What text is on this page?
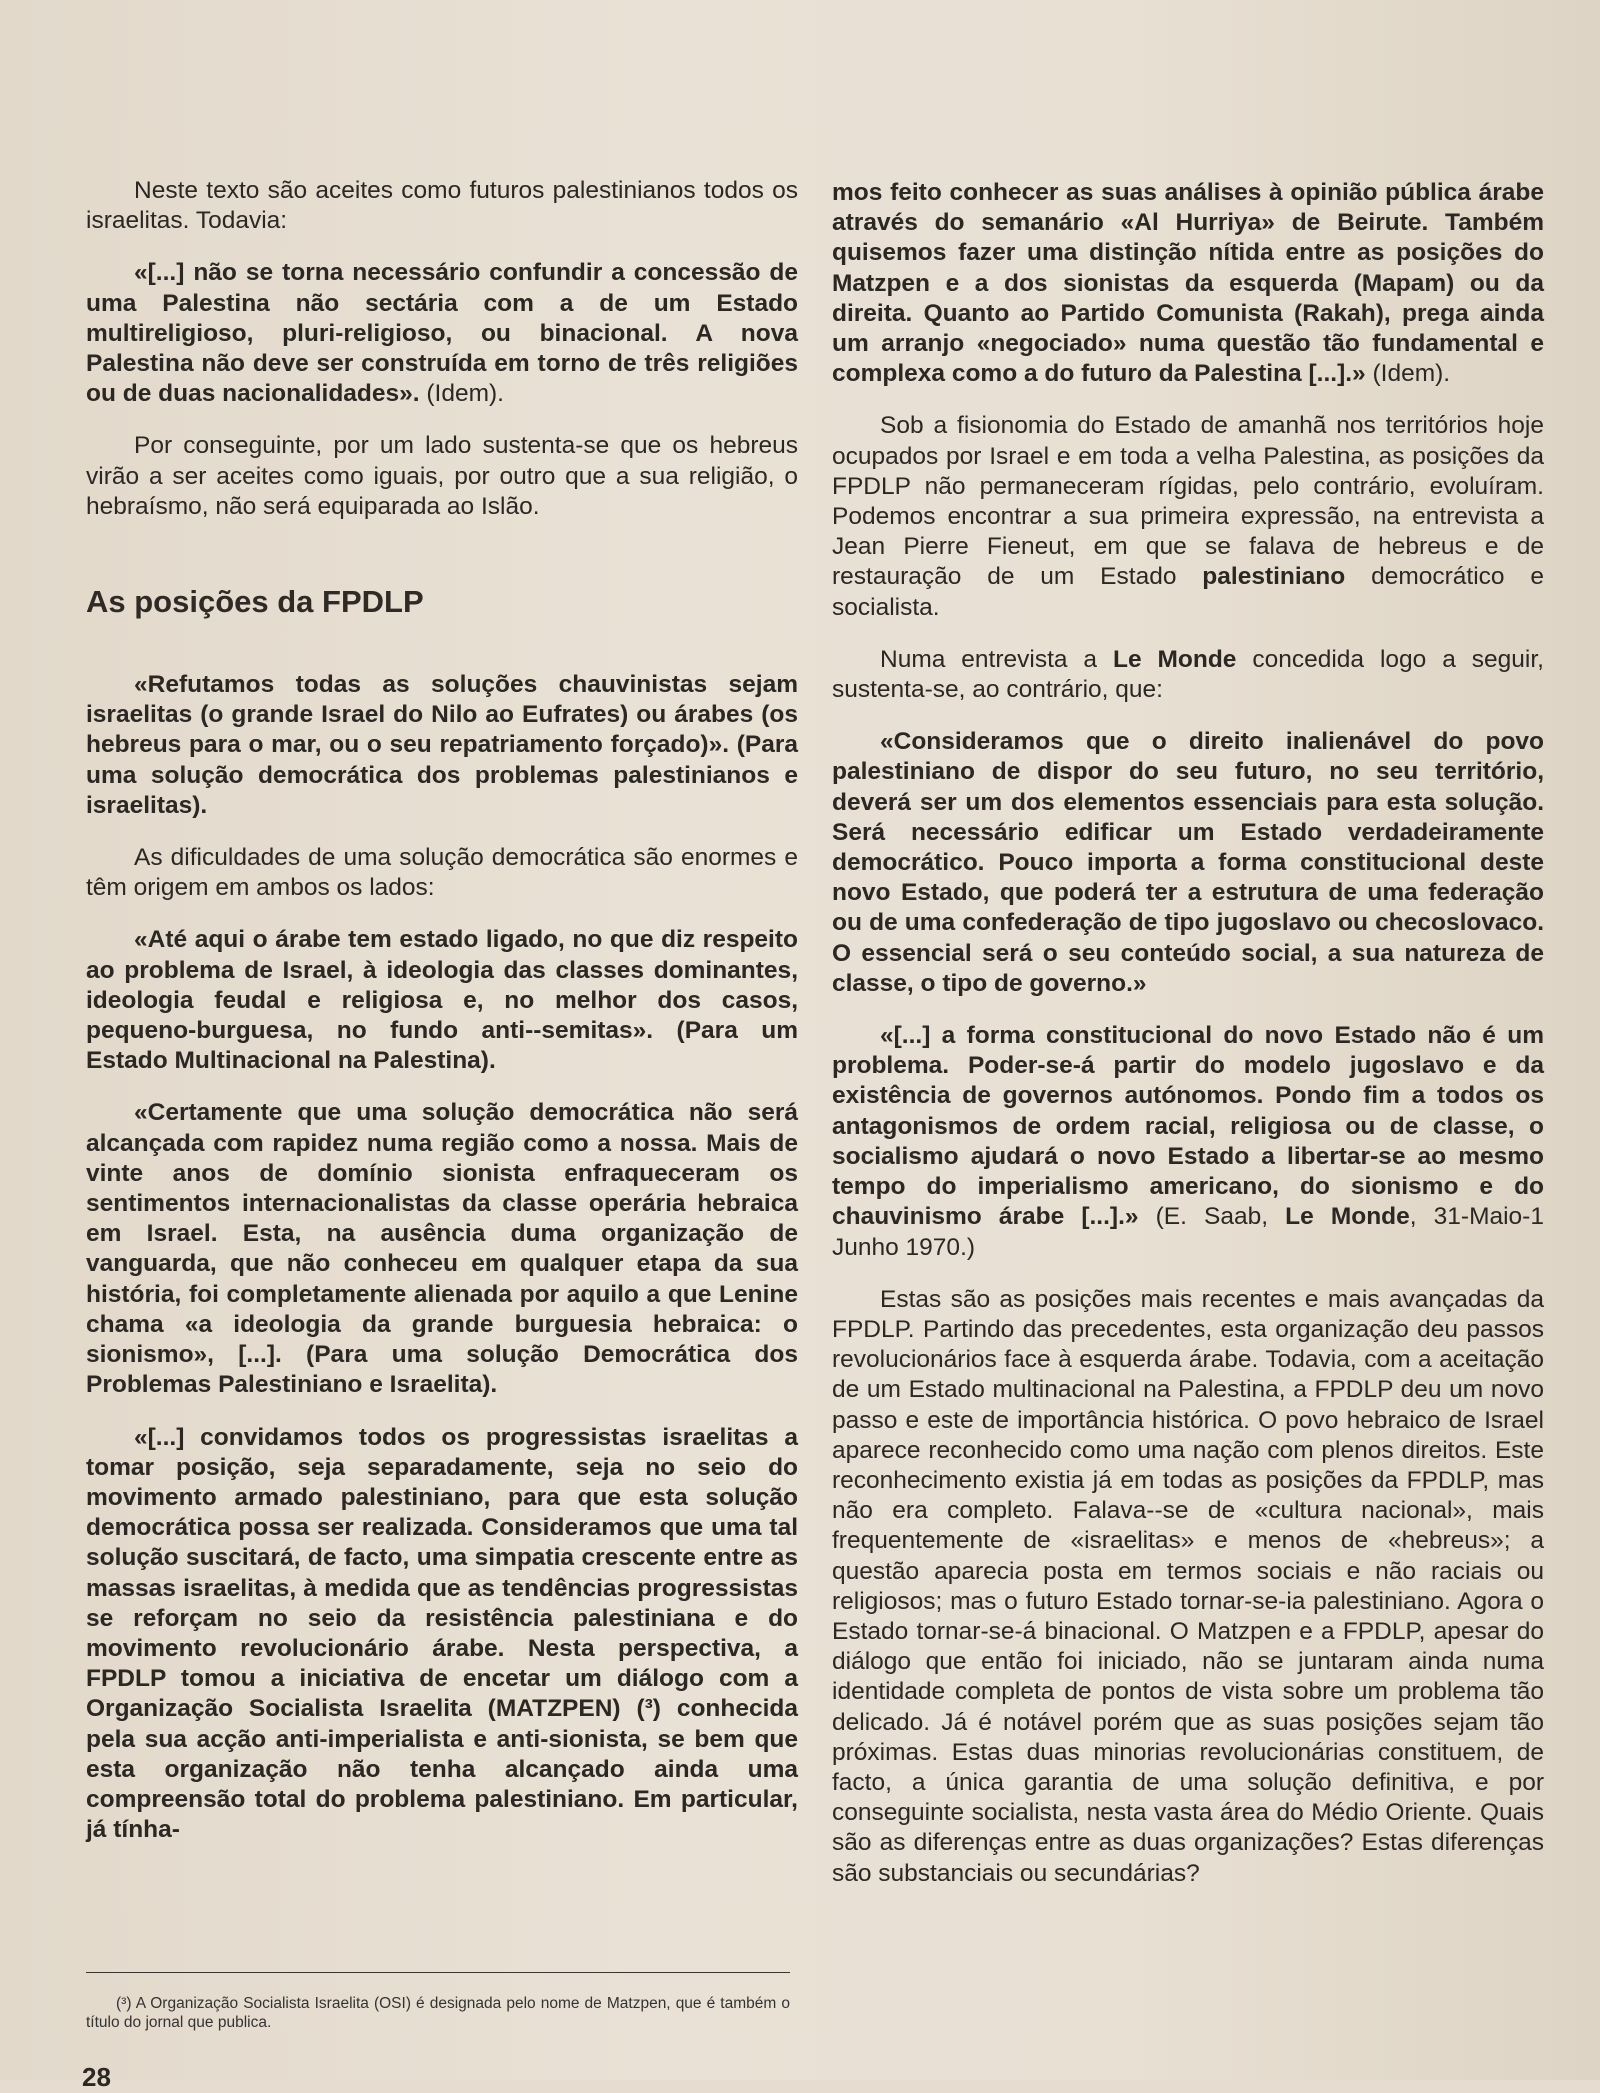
Neste texto são aceites como futuros palestinianos todos os israelitas. Todavia:

«[...] não se torna necessário confundir a concessão de uma Palestina não sectária com a de um Estado multireligioso, pluri-religioso, ou binacional. A nova Palestina não deve ser construída em torno de três religiões ou de duas nacionalidades». (Idem).

Por conseguinte, por um lado sustenta-se que os hebreus virão a ser aceites como iguais, por outro que a sua religião, o hebraísmo, não será equiparada ao Islão.

As posições da FPDLP

«Refutamos todas as soluções chauvinistas sejam israelitas (o grande Israel do Nilo ao Eufrates) ou árabes (os hebreus para o mar, ou o seu repatriamento forçado)». (Para uma solução democrática dos problemas palestinianos e israelitas).

As dificuldades de uma solução democrática são enormes e têm origem em ambos os lados:

«Até aqui o árabe tem estado ligado, no que diz respeito ao problema de Israel, à ideologia das classes dominantes, ideologia feudal e religiosa e, no melhor dos casos, pequeno-burguesa, no fundo anti--semitas». (Para um Estado Multinacional na Palestina).

«Certamente que uma solução democrática não será alcançada com rapidez numa região como a nossa. Mais de vinte anos de domínio sionista enfraqueceram os sentimentos internacionalistas da classe operária hebraica em Israel. Esta, na ausência duma organização de vanguarda, que não conheceu em qualquer etapa da sua história, foi completamente alienada por aquilo a que Lenine chama «a ideologia da grande burguesia hebraica: o sionismo», [...]. (Para uma solução Democrática dos Problemas Palestiniano e Israelita).

«[...] convidamos todos os progressistas israelitas a tomar posição, seja separadamente, seja no seio do movimento armado palestiniano, para que esta solução democrática possa ser realizada. Consideramos que uma tal solução suscitará, de facto, uma simpatia crescente entre as massas israelitas, à medida que as tendências progressistas se reforçam no seio da resistência palestiniana e do movimento revolucionário árabe. Nesta perspectiva, a FPDLP tomou a iniciativa de encetar um diálogo com a Organização Socialista Israelita (MATZPEN) (³) conhecida pela sua acção anti-imperialista e anti-sionista, se bem que esta organização não tenha alcançado ainda uma compreensão total do problema palestiniano. Em particular, já tínha-

mos feito conhecer as suas análises à opinião pública árabe através do semanário «Al Hurriya» de Beirute. Também quisemos fazer uma distinção nítida entre as posições do Matzpen e a dos sionistas da esquerda (Mapam) ou da direita. Quanto ao Partido Comunista (Rakah), prega ainda um arranjo «negociado» numa questão tão fundamental e complexa como a do futuro da Palestina [...].» (Idem).

Sob a fisionomia do Estado de amanhã nos territórios hoje ocupados por Israel e em toda a velha Palestina, as posições da FPDLP não permaneceram rígidas, pelo contrário, evoluíram. Podemos encontrar a sua primeira expressão, na entrevista a Jean Pierre Fieneut, em que se falava de hebreus e de restauração de um Estado palestiniano democrático e socialista.

Numa entrevista a Le Monde concedida logo a seguir, sustenta-se, ao contrário, que:

«Consideramos que o direito inalienável do povo palestiniano de dispor do seu futuro, no seu território, deverá ser um dos elementos essenciais para esta solução. Será necessário edificar um Estado verdadeiramente democrático. Pouco importa a forma constitucional deste novo Estado, que poderá ter a estrutura de uma federação ou de uma confederação de tipo jugoslavo ou checoslovaco. O essencial será o seu conteúdo social, a sua natureza de classe, o tipo de governo.»

«[...] a forma constitucional do novo Estado não é um problema. Poder-se-á partir do modelo jugoslavo e da existência de governos autónomos. Pondo fim a todos os antagonismos de ordem racial, religiosa ou de classe, o socialismo ajudará o novo Estado a libertar-se ao mesmo tempo do imperialismo americano, do sionismo e do chauvinismo árabe [...].» (E. Saab, Le Monde, 31-Maio-1 Junho 1970.)

Estas são as posições mais recentes e mais avançadas da FPDLP. Partindo das precedentes, esta organização deu passos revolucionários face à esquerda árabe. Todavia, com a aceitação de um Estado multinacional na Palestina, a FPDLP deu um novo passo e este de importância histórica. O povo hebraico de Israel aparece reconhecido como uma nação com plenos direitos. Este reconhecimento existia já em todas as posições da FPDLP, mas não era completo. Falava--se de «cultura nacional», mais frequentemente de «israelitas» e menos de «hebreus»; a questão aparecia posta em termos sociais e não raciais ou religiosos; mas o futuro Estado tornar-se-ia palestiniano. Agora o Estado tornar-se-á binacional. O Matzpen e a FPDLP, apesar do diálogo que então foi iniciado, não se juntaram ainda numa identidade completa de pontos de vista sobre um problema tão delicado. Já é notável porém que as suas posições sejam tão próximas. Estas duas minorias revolucionárias constituem, de facto, a única garantia de uma solução definitiva, e por conseguinte socialista, nesta vasta área do Médio Oriente. Quais são as diferenças entre as duas organizações? Estas diferenças são substanciais ou secundárias?

(³) A Organização Socialista Israelita (OSI) é designada pelo nome de Matzpen, que é também o título do jornal que publica.
28
